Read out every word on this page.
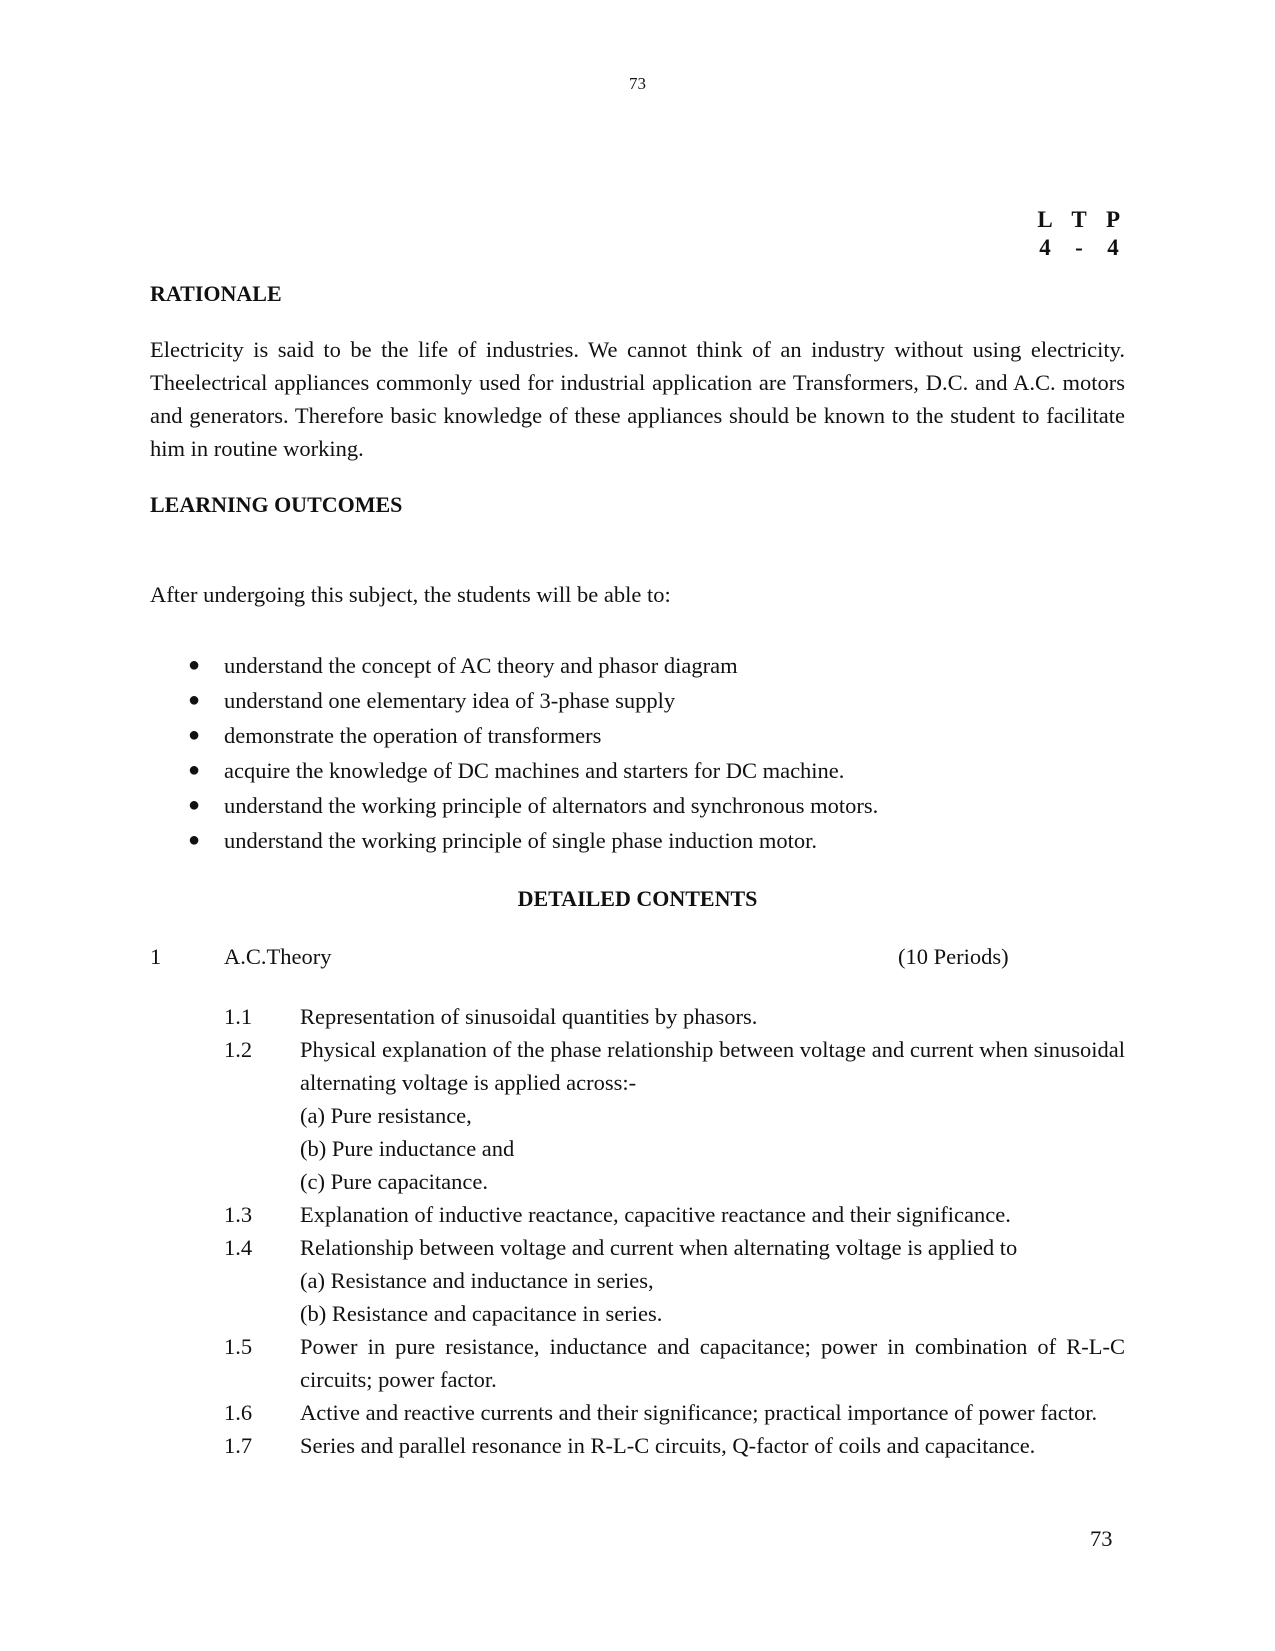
73
L T P
4	-	4
RATIONALE
Electricity is said to be the life of industries. We cannot think of an industry without using electricity. Theelectrical appliances commonly used for industrial application are Transformers, D.C. and A.C. motors and generators. Therefore basic knowledge of these appliances should be known to the student to facilitate him in routine working.
LEARNING OUTCOMES
After undergoing this subject, the students will be able to:
● understand the concept of AC theory and phasor diagram
● understand one elementary idea of 3-phase supply
● demonstrate the operation of transformers
● acquire the knowledge of DC machines and starters for DC machine.
● understand the working principle of alternators and synchronous motors.
● understand the working principle of single phase induction motor.
DETAILED CONTENTS
1	A.C.Theory	(10 Periods)
1.1 Representation of sinusoidal quantities by phasors.
1.2 Physical explanation of the phase relationship between voltage and current when sinusoidal alternating voltage is applied across:-
(a) Pure resistance,
(b) Pure inductance and
(c) Pure capacitance.
1.3 Explanation of inductive reactance, capacitive reactance and their significance.
1.4 Relationship between voltage and current when alternating voltage is applied to
(a) Resistance and inductance in series,
(b) Resistance and capacitance in series.
1.5 Power in pure resistance, inductance and capacitance; power in combination of R-L-C circuits; power factor.
1.6 Active and reactive currents and their significance; practical importance of power factor.
1.7 Series and parallel resonance in R-L-C circuits, Q-factor of coils and capacitance.
73
